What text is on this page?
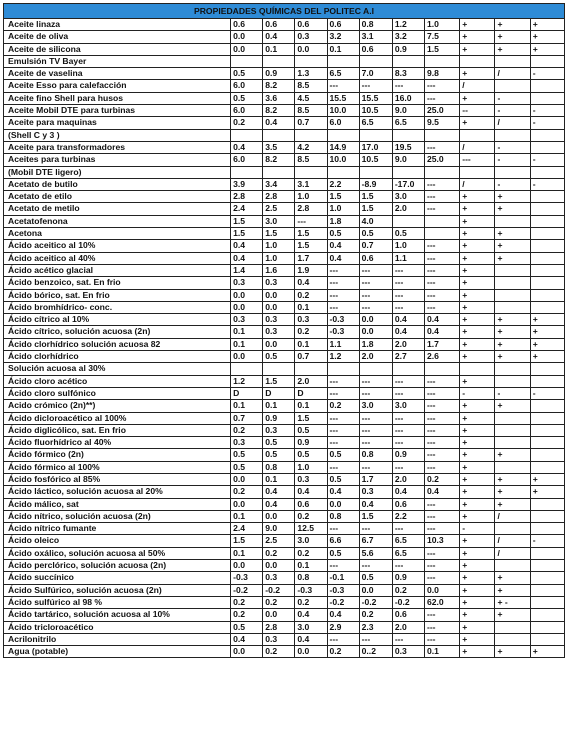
PROPIEDADES QUÍMICAS DEL POLITEC A.I										
Aceite linaza	0.6	0.6	0.6	0.6	0.8	1.2	1.0	+	+	+
Aceite de oliva	0.0	0.4	0.3	3.2	3.1	3.2	7.5	+	+	+
Aceite de silicona	0.0	0.1	0.0	0.1	0.6	0.9	1.5	+	+	+
Emulsión TV Bayer										
Aceite de vaselina	0.5	0.9	1.3	6.5	7.0	8.3	9.8	+	/	-
Aceite Esso para calefacción	6.0	8.2	8.5	---	---	---	---	/		
Aceite fino Shell para husos	0.5	3.6	4.5	15.5	15.5	16.0	---	+	-	
Aceite Mobil DTE para turbinas	6.0	8.2	8.5	10.0	10.5	9.0	25.0	--	-	-
Aceite para maquinas	0.2	0.4	0.7	6.0	6.5	6.5	9.5	+	/	-
(Shell C y 3 )										
Aceite para transformadores	0.4	3.5	4.2	14.9	17.0	19.5	---	/	-	
Aceites para turbinas	6.0	8.2	8.5	10.0	10.5	9.0	25.0	---	-	-
(Mobil DTE ligero)										
Acetato de butilo	3.9	3.4	3.1	2.2	-8.9	-17.0	---	/	-	-
Acetato de etilo	2.8	2.8	1.0	1.5	1.5	3.0	---	+	+	
Acetato de metilo	2.4	2.5	2.8	1.0	1.5	2.0	---	+	+	
Acetatofenona	1.5	3.0	---	1.8	4.0			+		
Acetona	1.5	1.5	1.5	0.5	0.5	0.5		+	+	
Ácido aceitico al 10%	0.4	1.0	1.5	0.4	0.7	1.0	---	+	+	
Ácido aceitico al 40%	0.4	1.0	1.7	0.4	0.6	1.1	---	+	+	
Ácido acético glacial	1.4	1.6	1.9	---	---	---	---	+		
Ácido benzoico, sat. En frio	0.3	0.3	0.4	---	---	---	---	+		
Ácido bórico, sat. En frio	0.0	0.0	0.2	---	---	---	---	+		
Ácido bromhídrico- conc.	0.0	0.0	0.1	---	---	---	---	+		
Ácido cítrico al 10%	0.3	0.3	0.3	-0.3	0.0	0.4	0.4	+	+	+
Ácido cítrico, solución acuosa (2n)	0.1	0.3	0.2	-0.3	0.0	0.4	0.4	+	+	+
Ácido clorhídrico solución acuosa 82	0.1	0.0	0.1	1.1	1.8	2.0	1.7	+	+	+
Ácido clorhídrico	0.0	0.5	0.7	1.2	2.0	2.7	2.6	+	+	+
Solución acuosa al 30%										
Ácido cloro acético	1.2	1.5	2.0	---	---	---	---	+		
Ácido cloro sulfónico	D	D	D	---	---	---	---	-	-	-
Acido crómico (2n)**)	0.1	0.1	0.1	0.2	3.0	3.0	---	+	+	
Ácido dicloroacético al 100%	0.7	0.9	1.5	---	---	---	---	+		
Ácido diglicólico, sat. En frio	0.2	0.3	0.5	---	---	---	---	+		
Ácido fluorhídrico al 40%	0.3	0.5	0.9	---	---	---	---	+		
Ácido fórmico (2n)	0.5	0.5	0.5	0.5	0.8	0.9	---	+	+	
Ácido fórmico al 100%	0.5	0.8	1.0	---	---	---	---	+		
Ácido fosfórico al 85%	0.0	0.1	0.3	0.5	1.7	2.0	0.2	+	+	+
Ácido láctico, solución acuosa al 20%	0.2	0.4	0.4	0.4	0.3	0.4	0.4	+	+	+
Ácido málico, sat	0.0	0.4	0.6	0.0	0.4	0.6	---	+	+	
Ácido nítrico, solución acuosa (2n)	0.1	0.0	0.2	0.8	1.5	2.2	---	+	/	
Ácido nítrico fumante	2.4	9.0	12.5	---	---	---	---	-		
Ácido oleico	1.5	2.5	3.0	6.6	6.7	6.5	10.3	+	/	-
Ácido oxálico, solución acuosa al 50%	0.1	0.2	0.2	0.5	5.6	6.5	---	+	/	
Ácido perclórico, solución acuosa (2n)	0.0	0.0	0.1	---	---	---	---	+		
Ácido succínico	-0.3	0.3	0.8	-0.1	0.5	0.9	---	+	+	
Ácido Sulfúrico, solución acuosa (2n)	-0.2	-0.2	-0.3	-0.3	0.0	0.2	0.0	+	+	
Ácido sulfúrico al 98 %	0.2	0.2	0.2	-0.2	-0.2	-0.2	62.0	+	+ -	
Ácido tartárico, solución acuosa al 10%	0.2	0.0	0.4	0.4	0.2	0.6	---	+	+	
Ácido tricloroacético	0.5	2.8	3.0	2.9	2.3	2.0	---	+		
Acrilonitrilo	0.4	0.3	0.4	---	---	---	---	+		
Agua (potable)	0.0	0.2	0.0	0.2	0..2	0.3	0.1	+	+	+
